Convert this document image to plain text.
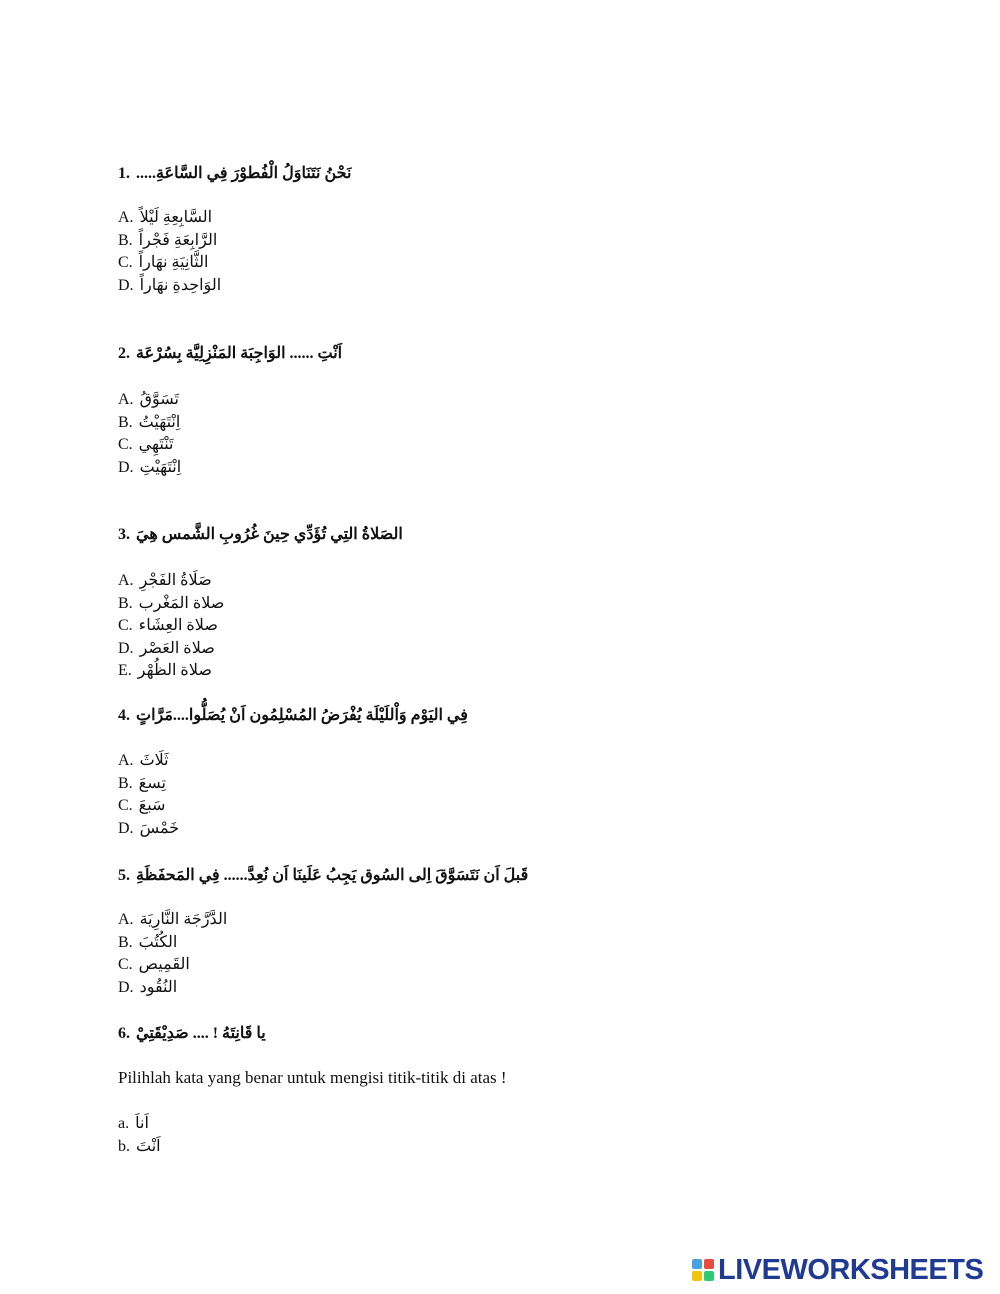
1. نَحْنُ نَتَنَاوَلُ الْفُطوْرَ فِي السَّاعَةِ.....
A. السَّابِعِةِ لَيْلاً
B. الرَّابِعَةِ فَجْراً
C. الثَّانِيَةِ نهَاراً
D. الوَاحِدةِ نهَاراً
2. اَنْتِ ...... الوَاجِبَة المَنْزِلِيَّة بِسُرْعَة
A. تَسَوَّقُ
B. اِنْتَهَيْتُ
C. تَنْتَهِي
D. اِنْتَهَيْتِ
3. الصَلاةُ التِي تُؤَدِّي حِينَ غُرُوبِ الشَّمس هِيَ
A. صَلَاةُ الفَجْرِ
B. صلاة المَغْرب
C. صلاة العِشَاء
D. صلاة العَصْر
E. صلاة الظُهْر
4. فِي اليَوْم وَاْللَيْلَة يُفْرَضُ المُسْلِمُون اَنْ يُصَلُّوا....مَرَّاتٍ
A. ثَلَاثَ
B. تِسعَ
C. سَبعَ
D. خَمْسَ
5. قَبلَ اَن نَتَسَوَّقَ اِلى السُوق يَجِبُ عَلَينَا اَن نُعِدَّ...... فِي المَحفَظَةِ
A. الدَّرَّجَة النَّارِيَة
B. الكُتُبَ
C. القَمِيص
D. النُقُود
6. يا قَانِتَهُ ! .... صَدِيْقَتِيْ
Pilihlah kata yang benar untuk mengisi titik-titik di atas !
a. اَناَ
b. اَنْتَ
LIVEWORKSHEETS
